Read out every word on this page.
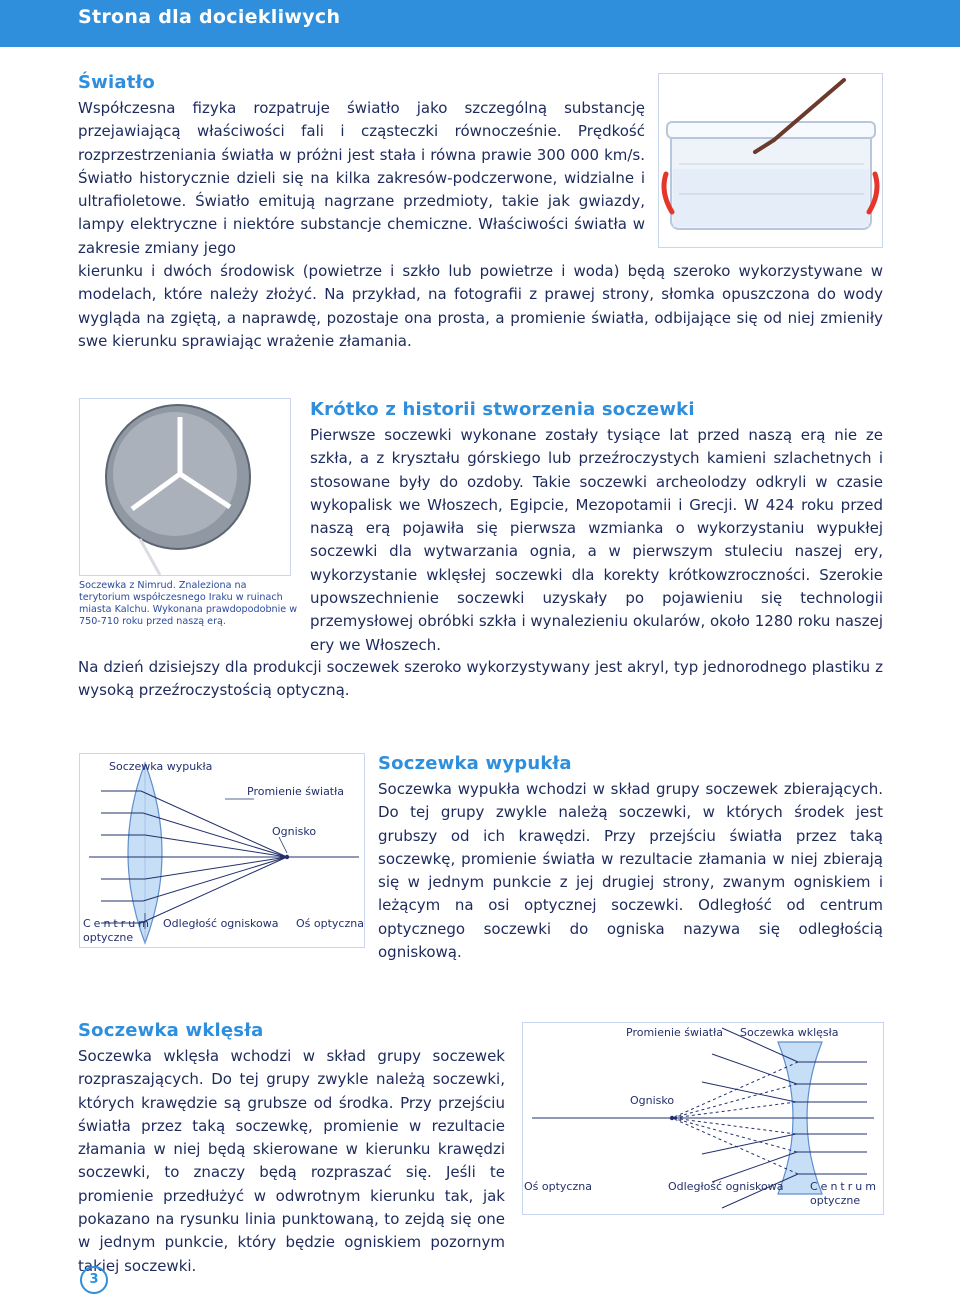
Strona dla dociekliwych
Światło
Współczesna fizyka rozpatruje światło jako szczególną substancję przejawiającą właściwości fali i cząsteczki równocześnie. Prędkość rozprzestrzeniania światła w próżni jest stała i równa prawie 300 000 km/s. Światło historycznie dzieli się na kilka zakresów-podczerwone, widzialne i ultrafioletowe. Światło emitują nagrzane przedmioty, takie jak gwiazdy, lampy elektryczne i niektóre substancje chemiczne. Właściwości światła w zakresie zmiany jego
kierunku i dwóch środowisk (powietrze i szkło lub powietrze i woda) będą szeroko wykorzystywane w modelach, które należy złożyć. Na przykład, na fotografii z prawej strony, słomka opuszczona do wody wygląda na zgiętą, a naprawdę, pozostaje ona prosta, a promienie światła, odbijające się od niej zmieniły swe kierunku sprawiając wrażenie złamania.
Soczewka z Nimrud. Znaleziona na terytorium współczesnego Iraku w ruinach miasta Kalchu. Wykonana prawdopodobnie w 750-710 roku przed naszą erą.
Krótko z historii stworzenia soczewki
Pierwsze soczewki wykonane zostały tysiące lat przed naszą erą nie ze szkła, a z kryształu górskiego lub przeźroczystych kamieni szlachetnych i stosowane były do ozdoby. Takie soczewki archeolodzy odkryli w czasie wykopalisk we Włoszech, Egipcie, Mezopotamii i Grecji. W 424 roku przed naszą erą pojawiła się pierwsza wzmianka o wykorzystaniu wypukłej soczewki dla wytwarzania ognia, a w pierwszym stuleciu naszej ery, wykorzystanie wklęsłej soczewki dla korekty krótkowzroczności. Szerokie upowszechnienie soczewki uzyskały po pojawieniu się technologii przemysłowej obróbki szkła i wynalezieniu okularów, około 1280 roku naszej ery we Włoszech.
Na dzień dzisiejszy dla produkcji soczewek szeroko wykorzystywany jest akryl, typ jednorodnego plastiku z wysoką przeźroczystością optyczną.
Soczewka wypukła
Promienie światła
Ognisko
Centrum
optyczne
Odległość ogniskowa Oś optyczna
Soczewka wypukła
Soczewka wypukła wchodzi w skład grupy soczewek zbierających. Do tej grupy zwykle należą soczewki, w których środek jest grubszy od ich krawędzi. Przy przejściu światła przez taką soczewkę, promienie światła w rezultacie złamania w niej zbierają się w jednym punkcie z jej drugiej strony, zwanym ogniskiem i leżącym na osi optycznej soczewki. Odległość od centrum optycznego soczewki do ogniska nazywa się odległością ogniskową.
Soczewka wklęsła
Soczewka wklęsła wchodzi w skład grupy soczewek rozpraszających. Do tej grupy zwykle należą soczewki, których krawędzie są grubsze od środka. Przy przejściu światła przez taką soczewkę, promienie w rezultacie złamania w niej będą skierowane w kierunku krawędzi soczewki, to znaczy będą rozpraszać się. Jeśli te promienie przedłużyć w odwrotnym kierunku tak, jak pokazano na rysunku linia punktowaną, to zejdą się one w jednym punkcie, który będzie ogniskiem pozornym takiej soczewki.
Promienie światła Soczewka wklęsła
Ognisko
Oś optyczna	Odległość ogniskowa Centrum
optyczne
3
